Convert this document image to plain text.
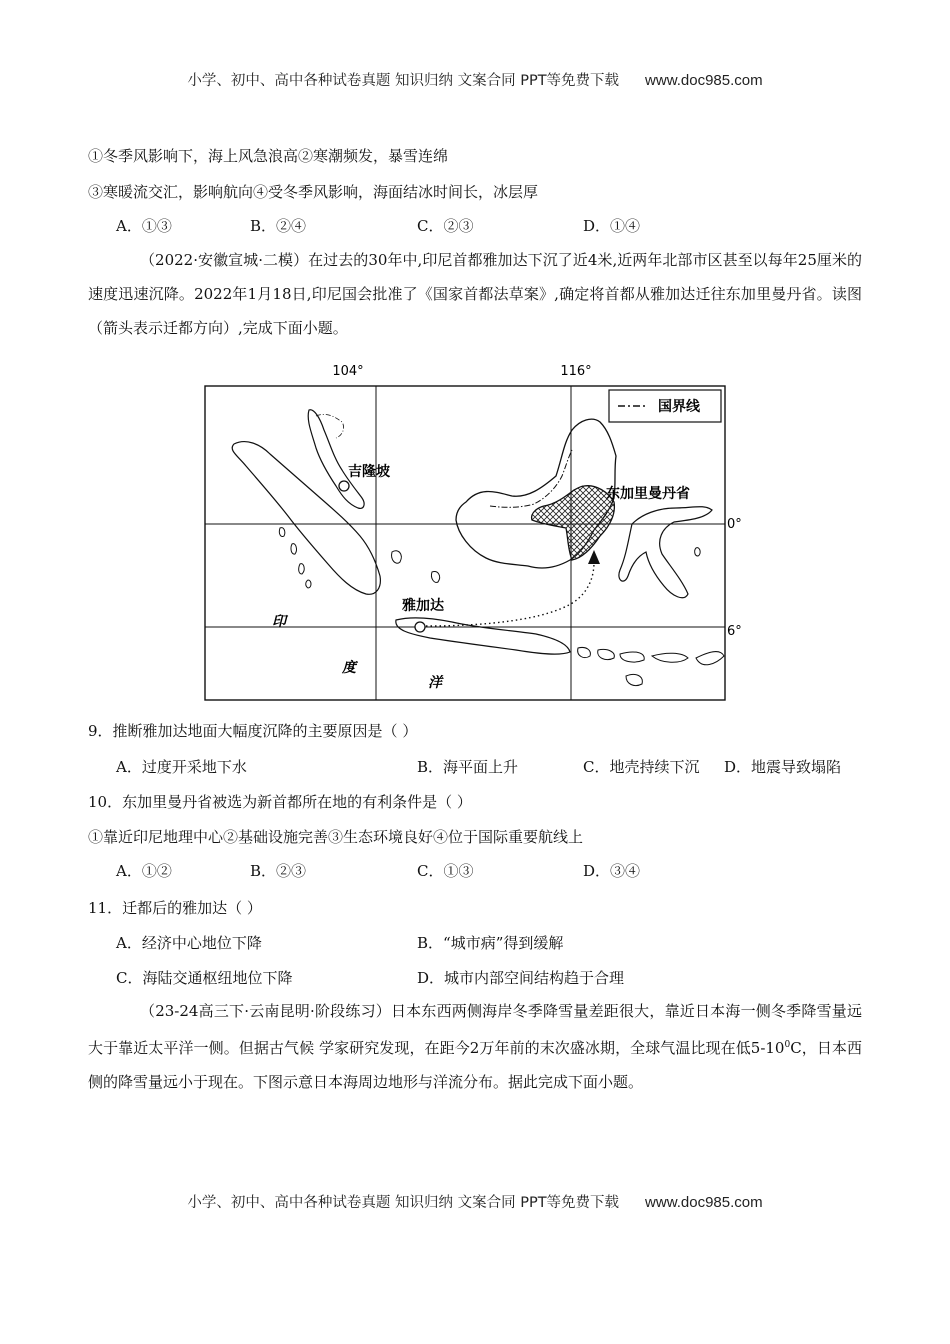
小学、初中、高中各种试卷真题 知识归纳 文案合同 PPT等免费下载 www.doc985.com
①冬季风影响下，海上风急浪高②寒潮频发，暴雪连绵
③寒暖流交汇，影响航向④受冬季风影响，海面结冰时间长，冰层厚
A．①③	B．②④	C．②③	D．①④

（2022·安徽宣城·二模）在过去的30年中,印尼首都雅加达下沉了近4米,近两年北部市区甚至以每年25厘米的速度迅速沉降。2022年1月18日,印尼国会批准了《国家首都法草案》,确定将首都从雅加达迁往东加里曼丹省。读图（箭头表示迁都方向）,完成下面小题。

104°	116°
0°
6°
国界线
吉隆坡
雅加达
东加里曼丹省
印
度
洋
9．推断雅加达地面大幅度沉降的主要原因是（ ）
A．过度开采地下水	B．海平面上升	C．地壳持续下沉 D．地震导致塌陷
10．东加里曼丹省被选为新首都所在地的有利条件是（ ）
①靠近印尼地理中心②基础设施完善③生态环境良好④位于国际重要航线上
A．①②	B．②③	C．①③	D．③④
11．迁都后的雅加达（ ）
A．经济中心地位下降	B．“城市病”得到缓解
C．海陆交通枢纽地位下降	D．城市内部空间结构趋于合理

（23-24高三下·云南昆明·阶段练习）日本东西两侧海岸冬季降雪量差距很大，靠近日本海一侧冬季降雪量远大于靠近太平洋一侧。但据古气候 学家研究发现，在距今2万年前的末次盛冰期，全球气温比现在低$5-10^0C$，日本西侧的降雪量远小于现在。下图示意日本海周边地形与洋流分布。据此完成下面小题。

小学、初中、高中各种试卷真题 知识归纳 文案合同 PPT等免费下载 www.doc985.com
